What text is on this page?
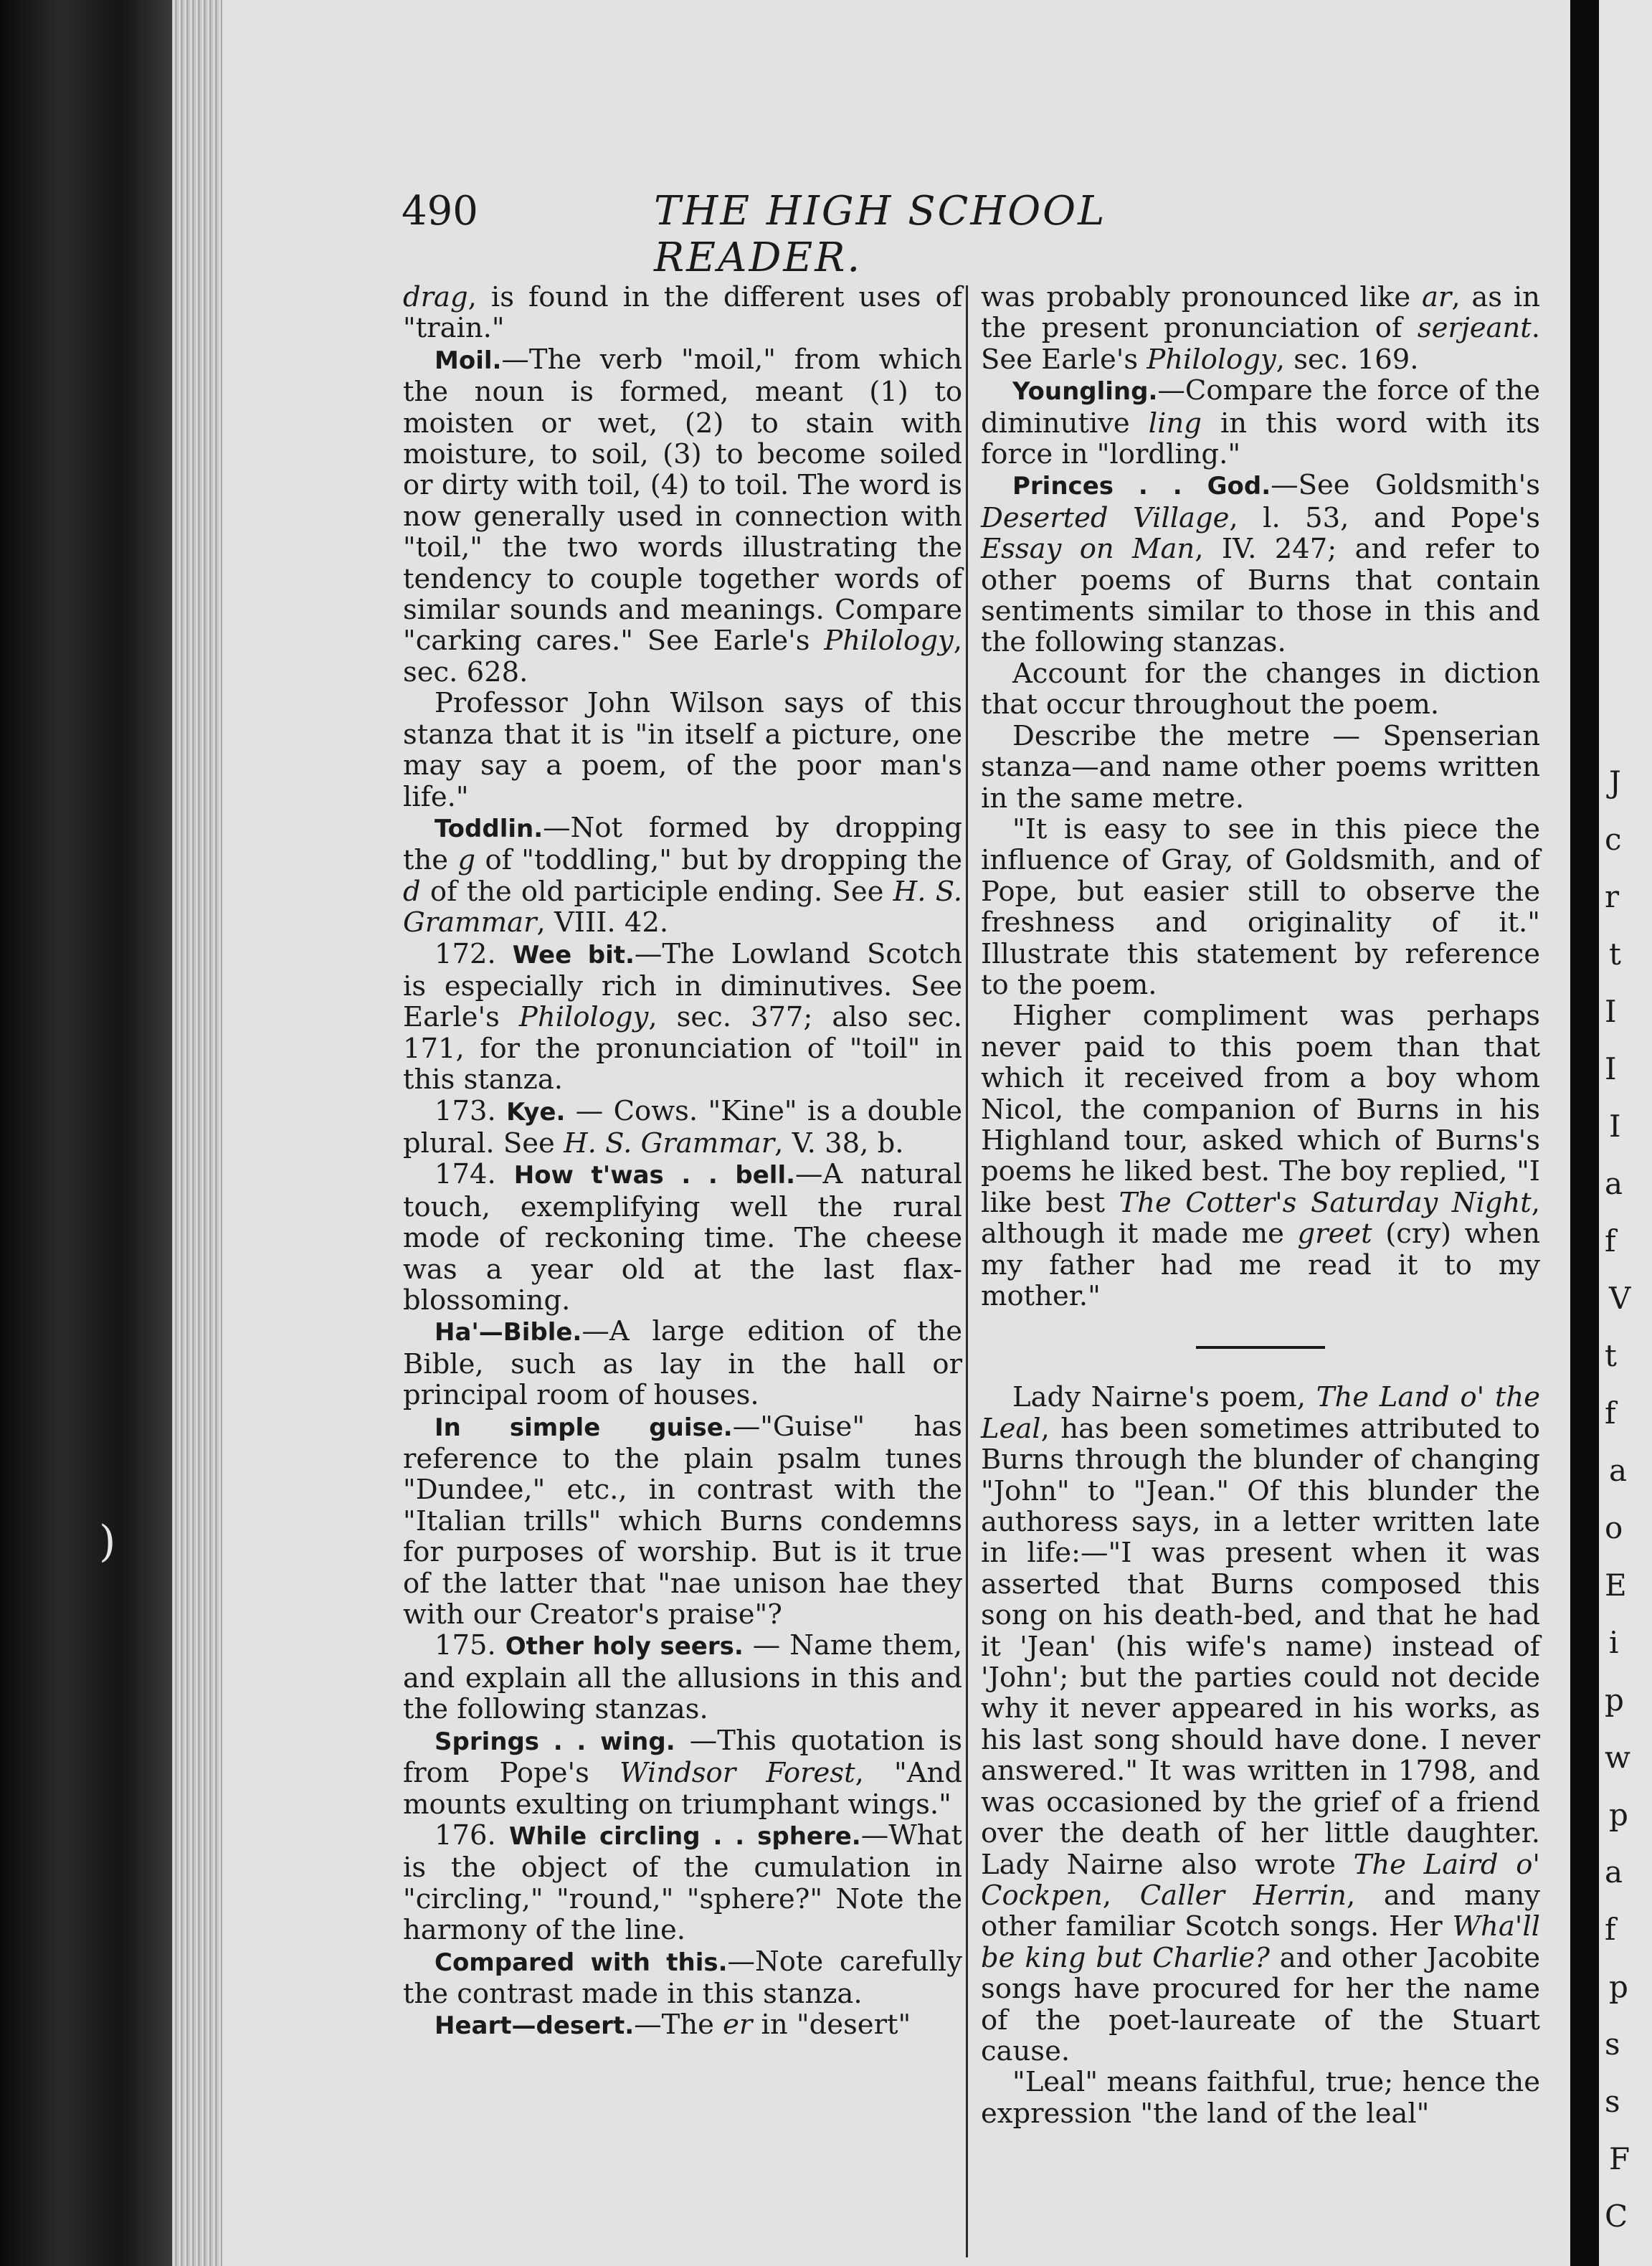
)
J
c
r
t
I
I
I
a
f
V
t
f
a
o
E
i
p
w
p
a
f
p
s
s
F
C
490	THE HIGH SCHOOL READER.

drag, is found in the different uses of "train."

Moil.—The verb "moil," from which the noun is formed, meant (1) to moisten or wet, (2) to stain with moisture, to soil, (3) to become soiled or dirty with toil, (4) to toil. The word is now generally used in connection with "toil," the two words illustrating the tendency to couple together words of similar sounds and meanings. Compare "carking cares." See Earle's Philology, sec. 628.

Professor John Wilson says of this stanza that it is "in itself a picture, one may say a poem, of the poor man's life."

Toddlin.—Not formed by dropping the g of "toddling," but by dropping the d of the old participle ending. See H. S. Grammar, VIII. 42.

172. Wee bit.—The Lowland Scotch is especially rich in diminutives. See Earle's Philology, sec. 377; also sec. 171, for the pronunciation of "toil" in this stanza.

173. Kye. — Cows. "Kine" is a double plural. See H. S. Grammar, V. 38, b.

174. How t'was . . bell.—A natural touch, exemplifying well the rural mode of reckoning time. The cheese was a year old at the last flax-blossoming.

Ha'—Bible.—A large edition of the Bible, such as lay in the hall or principal room of houses.

In simple guise.—"Guise" has reference to the plain psalm tunes "Dundee," etc., in contrast with the "Italian trills" which Burns condemns for purposes of worship. But is it true of the latter that "nae unison hae they with our Creator's praise"?

175. Other holy seers. — Name them, and explain all the allusions in this and the following stanzas.

Springs . . wing. —This quotation is from Pope's Windsor Forest, "And mounts exulting on triumphant wings."

176. While circling . . sphere.—What is the object of the cumulation in "circling," "round," "sphere?" Note the harmony of the line.

Compared with this.—Note carefully the contrast made in this stanza.

Heart—desert.—The er in "desert"

was probably pronounced like ar, as in the present pronunciation of serjeant. See Earle's Philology, sec. 169.

Youngling.—Compare the force of the diminutive ling in this word with its force in "lordling."

Princes . . God.—See Goldsmith's Deserted Village, l. 53, and Pope's Essay on Man, IV. 247; and refer to other poems of Burns that contain sentiments similar to those in this and the following stanzas.

Account for the changes in diction that occur throughout the poem.

Describe the metre — Spenserian stanza—and name other poems written in the same metre.

"It is easy to see in this piece the influence of Gray, of Goldsmith, and of Pope, but easier still to observe the freshness and originality of it." Illustrate this statement by reference to the poem.

Higher compliment was perhaps never paid to this poem than that which it received from a boy whom Nicol, the companion of Burns in his Highland tour, asked which of Burns's poems he liked best. The boy replied, "I like best The Cotter's Saturday Night, although it made me greet (cry) when my father had me read it to my mother."

Lady Nairne's poem, The Land o' the Leal, has been sometimes attributed to Burns through the blunder of changing "John" to "Jean." Of this blunder the authoress says, in a letter written late in life:—"I was present when it was asserted that Burns composed this song on his death-bed, and that he had it 'Jean' (his wife's name) instead of 'John'; but the parties could not decide why it never appeared in his works, as his last song should have done. I never answered." It was written in 1798, and was occasioned by the grief of a friend over the death of her little daughter. Lady Nairne also wrote The Laird o' Cockpen, Caller Herrin, and many other familiar Scotch songs. Her Wha'll be king but Charlie? and other Jacobite songs have procured for her the name of the poet-laureate of the Stuart cause.

"Leal" means faithful, true; hence the expression "the land of the leal"
